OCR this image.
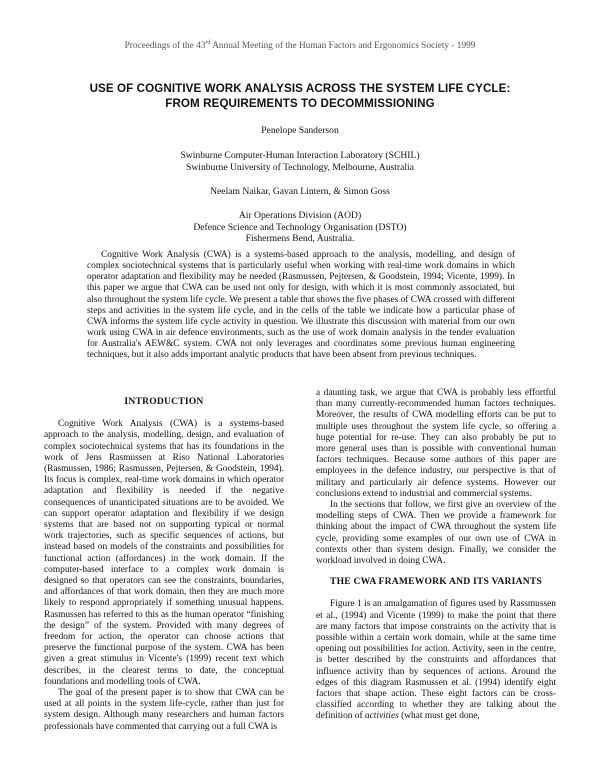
Proceedings of the 43rd Annual Meeting of the Human Factors and Ergonomics Society - 1999
USE OF COGNITIVE WORK ANALYSIS ACROSS THE SYSTEM LIFE CYCLE:
FROM REQUIREMENTS TO DECOMMISSIONING
Penelope Sanderson
Swinburne Computer-Human Interaction Laboratory (SCHIL)
Swinburne University of Technology, Melbourne, Australia
Neelam Naikar, Gavan Lintern, & Simon Goss
Air Operations Division (AOD)
Defence Science and Technology Organisation (DSTO)
Fishermens Bend, Australia.
Cognitive Work Analysis (CWA) is a systems-based approach to the analysis, modelling, and design of complex sociotechnical systems that is particularly useful when working with real-time work domains in which operator adaptation and flexibility may be needed (Rasmussen, Pejtersen, & Goodstein, 1994; Vicente, 1999). In this paper we argue that CWA can be used not only for design, with which it is most commonly associated, but also throughout the system life cycle. We present a table that shows the five phases of CWA crossed with different steps and activities in the system life cycle, and in the cells of the table we indicate how a particular phase of CWA informs the system life cycle activity in question. We illustrate this discussion with material from our own work using CWA in air defence environments, such as the use of work domain analysis in the tender evaluation for Australia's AEW&C system. CWA not only leverages and coordinates some previous human engineering techniques, but it also adds important analytic products that have been absent from previous techniques.
INTRODUCTION

Cognitive Work Analysis (CWA) is a systems-based approach to the analysis, modelling, design, and evaluation of complex sociotechnical systems that has its foundations in the work of Jens Rasmussen at Riso National Laboratories (Rasmussen, 1986; Rasmussen, Pejtersen, & Goodstein, 1994). Its focus is complex, real-time work domains in which operator adaptation and flexibility is needed if the negative consequences of unanticipated situations are to be avoided. We can support operator adaptation and flexibility if we design systems that are based not on supporting typical or normal work trajectories, such as specific sequences of actions, but instead based on models of the constraints and possibilities for functional action (affordances) in the work domain. If the computer-based interface to a complex work domain is designed so that operators can see the constraints, boundaries, and affordances of that work domain, then they are much more likely to respond appropriately if something unusual happens. Rasmussen has referred to this as the human operator “finishing the design” of the system. Provided with many degrees of freedom for action, the operator can choose actions that preserve the functional purpose of the system. CWA has been given a great stimulus in Vicente's (1999) recent text which describes, in the clearest terms to date, the conceptual foundations and modelling tools of CWA.

The goal of the present paper is to show that CWA can be used at all points in the system life-cycle, rather than just for system design. Although many researchers and human factors professionals have commented that carrying out a full CWA is

a daunting task, we argue that CWA is probably less effortful than many currently-recommended human factors techniques. Moreover, the results of CWA modelling efforts can be put to multiple uses throughout the system life cycle, so offering a huge potential for re-use. They can also probably be put to more general uses than is possible with conventional human factors techniques. Because some authors of this paper are employees in the defence industry, our perspective is that of military and particularly air defence systems. However our conclusions extend to industrial and commercial systems.

In the sections that follow, we first give an overview of the modelling steps of CWA. Then we provide a framework for thinking about the impact of CWA throughout the system life cycle, providing some examples of our own use of CWA in contexts other than system design. Finally, we consider the workload involved in doing CWA.

THE CWA FRAMEWORK AND ITS VARIANTS

Figure 1 is an amalgamation of figures used by Rassmussen et al., (1994) and Vicente (1999) to make the point that there are many factors that impose constraints on the activity that is possible within a certain work domain, while at the same time opening out possibilities for action. Activity, seen in the centre, is better described by the constraints and affordances that influence activity than by sequences of actions. Around the edges of this diagram Rasmussen et al. (1994) identify eight factors that shape action. These eight factors can be cross-classified according to whether they are talking about the definition of activities (what must get done,
